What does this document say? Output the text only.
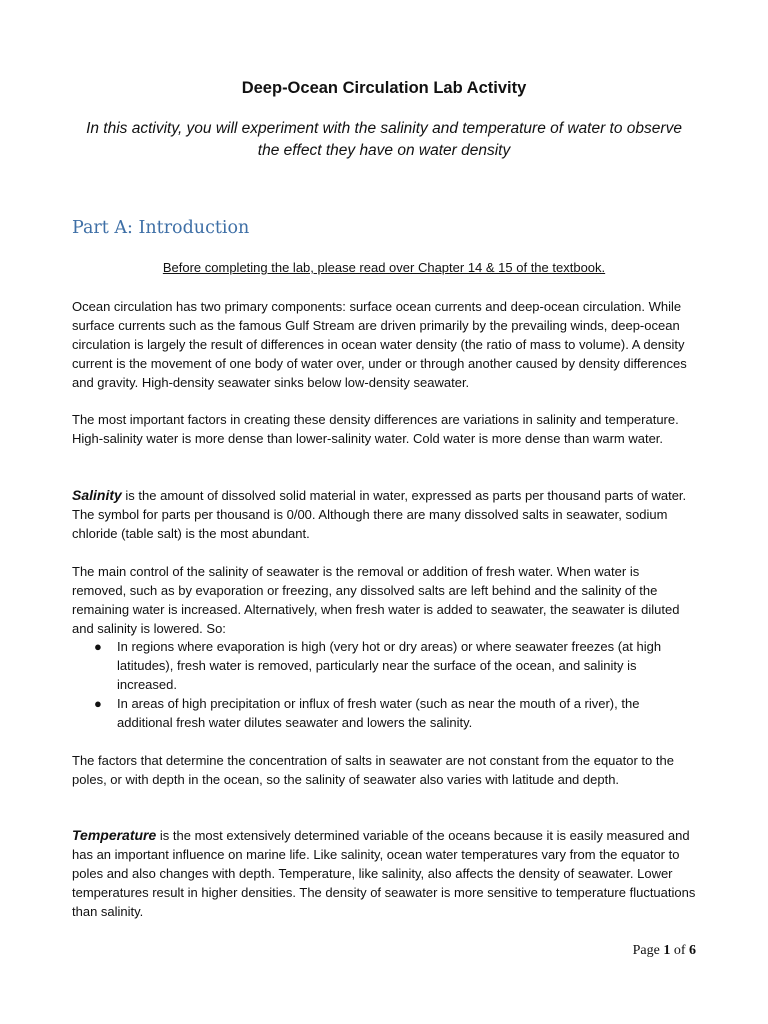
Deep-Ocean Circulation Lab Activity
In this activity, you will experiment with the salinity and temperature of water to observe the effect they have on water density
Part A: Introduction
Before completing the lab, please read over Chapter 14 & 15 of the textbook.

Ocean circulation has two primary components: surface ocean currents and deep-ocean circulation. While surface currents such as the famous Gulf Stream are driven primarily by the prevailing winds, deep-ocean circulation is largely the result of differences in ocean water density (the ratio of mass to volume). A density current is the movement of one body of water over, under or through another caused by density differences and gravity. High-density seawater sinks below low-density seawater.

The most important factors in creating these density differences are variations in salinity and temperature. High-salinity water is more dense than lower-salinity water. Cold water is more dense than warm water.

Salinity is the amount of dissolved solid material in water, expressed as parts per thousand parts of water. The symbol for parts per thousand is 0/00. Although there are many dissolved salts in seawater, sodium chloride (table salt) is the most abundant.

The main control of the salinity of seawater is the removal or addition of fresh water. When water is removed, such as by evaporation or freezing, any dissolved salts are left behind and the salinity of the remaining water is increased. Alternatively, when fresh water is added to seawater, the seawater is diluted and salinity is lowered. So:

● In regions where evaporation is high (very hot or dry areas) or where seawater freezes (at high latitudes), fresh water is removed, particularly near the surface of the ocean, and salinity is increased.
● In areas of high precipitation or influx of fresh water (such as near the mouth of a river), the additional fresh water dilutes seawater and lowers the salinity.

The factors that determine the concentration of salts in seawater are not constant from the equator to the poles, or with depth in the ocean, so the salinity of seawater also varies with latitude and depth.

Temperature is the most extensively determined variable of the oceans because it is easily measured and has an important influence on marine life. Like salinity, ocean water temperatures vary from the equator to poles and also changes with depth. Temperature, like salinity, also affects the density of seawater. Lower temperatures result in higher densities. The density of seawater is more sensitive to temperature fluctuations than salinity.

Page 1 of 6
